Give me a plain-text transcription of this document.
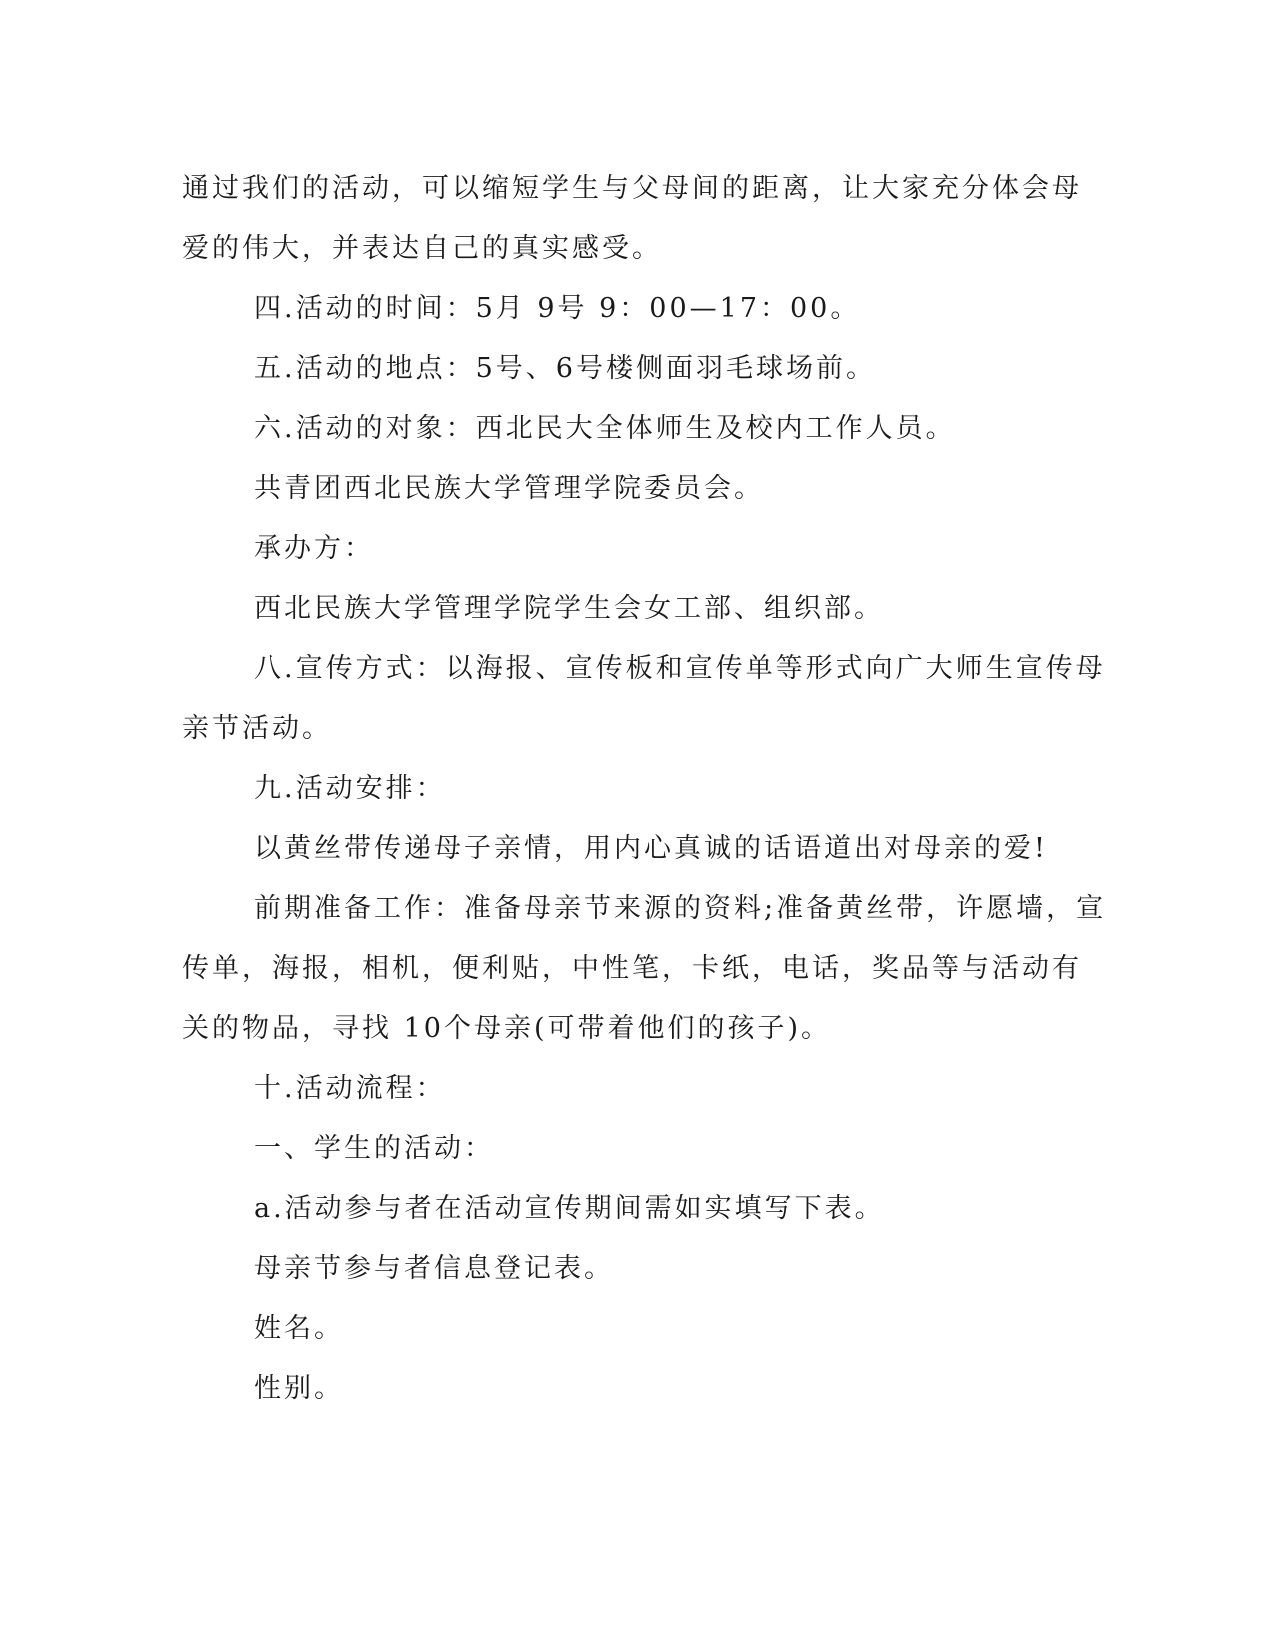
通过我们的活动，可以缩短学生与父母间的距离，让大家充分体会母
爱的伟大，并表达自己的真实感受。

四.活动的时间：5月 9号 9：00—17：00。

五.活动的地点：5号、6号楼侧面羽毛球场前。

六.活动的对象：西北民大全体师生及校内工作人员。

共青团西北民族大学管理学院委员会。

承办方：

西北民族大学管理学院学生会女工部、组织部。

八.宣传方式：以海报、宣传板和宣传单等形式向广大师生宣传母
亲节活动。

九.活动安排：

以黄丝带传递母子亲情，用内心真诚的话语道出对母亲的爱!

前期准备工作：准备母亲节来源的资料;准备黄丝带，许愿墙，宣
传单，海报，相机，便利贴，中性笔，卡纸，电话，奖品等与活动有
关的物品，寻找 10个母亲(可带着他们的孩子)。

十.活动流程：

一、学生的活动：

a.活动参与者在活动宣传期间需如实填写下表。

母亲节参与者信息登记表。

姓名。

性别。
